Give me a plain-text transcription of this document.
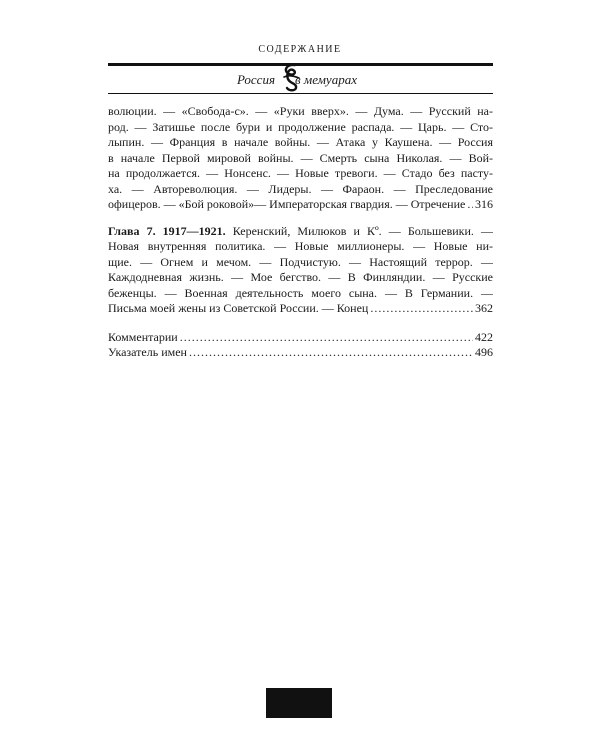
СОДЕРЖАНИЕ
Россия в мемуарах
волюции. — «Свобода-с». — «Руки вверх». — Дума. — Русский на-
род. — Затишье после бури и продолжение распада. — Царь. — Сто-
лыпин. — Франция в начале войны. — Атака у Каушена. — Россия
в начале Первой мировой войны. — Смерть сына Николая. — Вой-
на продолжается. — Нонсенс. — Новые тревоги. — Стадо без пасту-
ха. — Автореволюция. — Лидеры. — Фараон. — Преследование
офицеров. — «Бой роковой»— Императорская гвардия. — Отречение ..... 316
Глава 7. 1917—1921. Керенский, Милюков и Кº. — Большевики. —
Новая внутренняя политика. — Новые миллионеры. — Новые ни-
щие. — Огнем и мечом. — Подчистую. — Настоящий террор. —
Каждодневная жизнь. — Мое бегство. — В Финляндии. — Русские
беженцы. — Военная деятельность моего сына. — В Германии. —
Письма моей жены из Советской России. — Конец .....	362
Комментарии .....	422
Указатель имен .....	496
